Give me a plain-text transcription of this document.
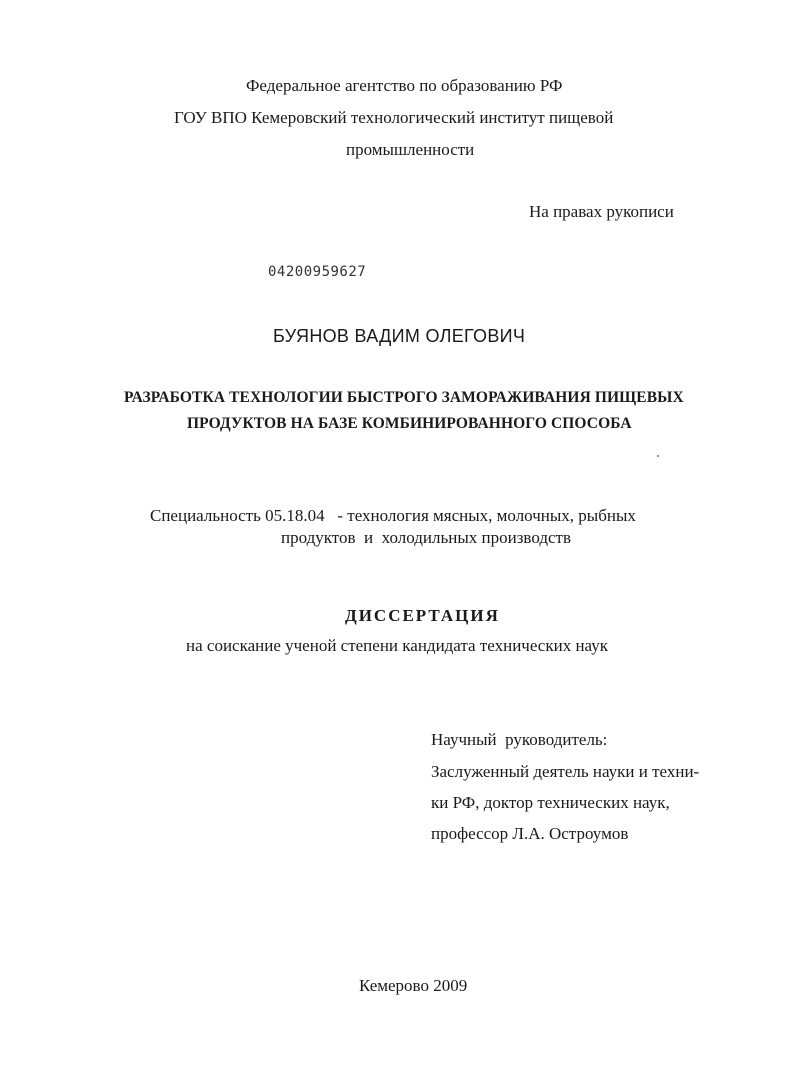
Федеральное агентство по образованию РФ
ГОУ ВПО Кемеровский технологический институт пищевой
промышленности
На правах рукописи
04200959627
БУЯНОВ ВАДИМ ОЛЕГОВИЧ
РАЗРАБОТКА ТЕХНОЛОГИИ БЫСТРОГО ЗАМОРАЖИВАНИЯ ПИЩЕВЫХ
ПРОДУКТОВ НА БАЗЕ КОМБИНИРОВАННОГО СПОСОБА
Специальность 05.18.04   - технология мясных, молочных, рыбных
продуктов  и  холодильных производств
ДИССЕРТАЦИЯ
на соискание ученой степени кандидата технических наук
Научный  руководитель:
Заслуженный деятель науки и техни-
ки РФ, доктор технических наук,
профессор Л.А. Остроумов
Кемерово 2009
